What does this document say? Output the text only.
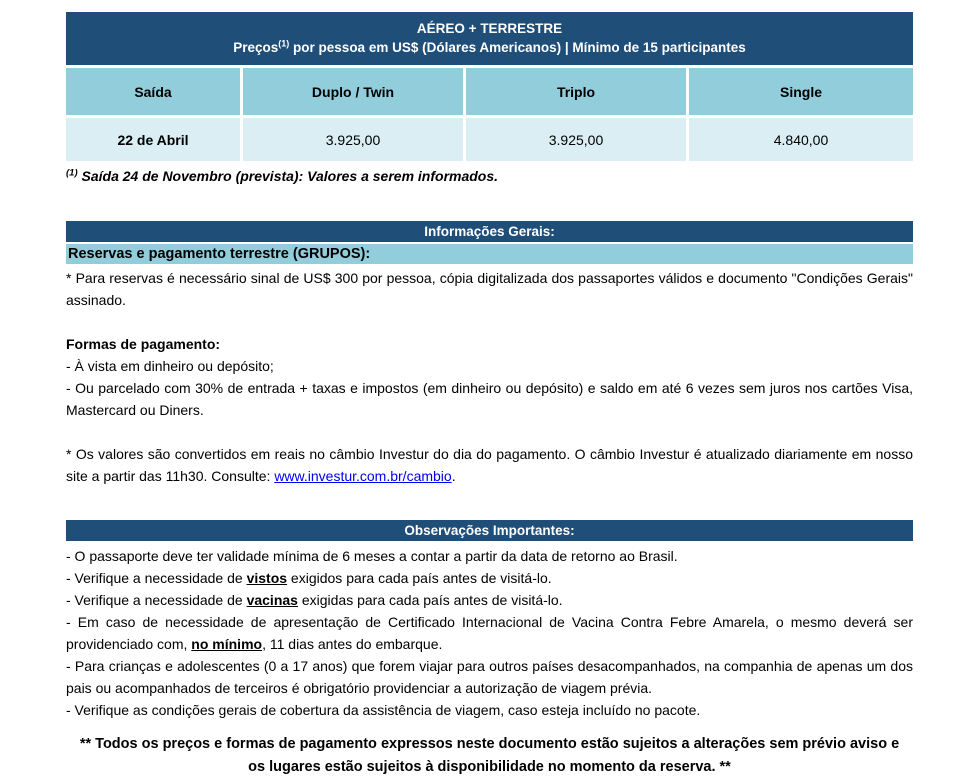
AÉREO + TERRESTRE
Preços$^{(1)}$ por pessoa em US$ (Dólares Americanos) | Mínimo de 15 participantes
Saída	Duplo / Twin	Triplo	Single
22 de Abril	3.925,00	3.925,00	4.840,00

$^{(1)}$ Saída 24 de Novembro (prevista): Valores a serem informados.

Informações Gerais:
Reservas e pagamento terrestre (GRUPOS):

* Para reservas é necessário sinal de US$ 300 por pessoa, cópia digitalizada dos passaportes válidos e documento "Condições Gerais" assinado.

Formas de pagamento:

- À vista em dinheiro ou depósito;

- Ou parcelado com 30% de entrada + taxas e impostos (em dinheiro ou depósito) e saldo em até 6 vezes sem juros nos cartões Visa, Mastercard ou Diners.

* Os valores são convertidos em reais no câmbio Investur do dia do pagamento. O câmbio Investur é atualizado diariamente em nosso site a partir das 11h30. Consulte: www.investur.com.br/cambio.

Observações Importantes:

- O passaporte deve ter validade mínima de 6 meses a contar a partir da data de retorno ao Brasil.

- Verifique a necessidade de vistos exigidos para cada país antes de visitá-lo.

- Verifique a necessidade de vacinas exigidas para cada país antes de visitá-lo.

- Em caso de necessidade de apresentação de Certificado Internacional de Vacina Contra Febre Amarela, o mesmo deverá ser providenciado com, no mínimo, 11 dias antes do embarque.

- Para crianças e adolescentes (0 a 17 anos) que forem viajar para outros países desacompanhados, na companhia de apenas um dos pais ou acompanhados de terceiros é obrigatório providenciar a autorização de viagem prévia.

- Verifique as condições gerais de cobertura da assistência de viagem, caso esteja incluído no pacote.

** Todos os preços e formas de pagamento expressos neste documento estão sujeitos a alterações sem prévio aviso e os lugares estão sujeitos à disponibilidade no momento da reserva. **
